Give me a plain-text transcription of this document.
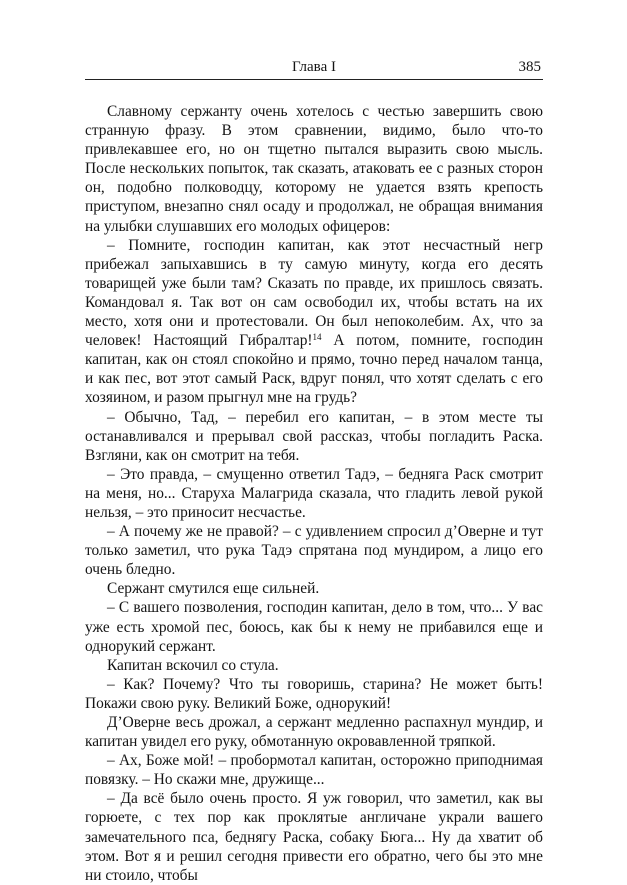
Глава I	385

Славному сержанту очень хотелось с честью завершить свою странную фразу. В этом сравнении, видимо, было что-то привлекавшее его, но он тщетно пытался выразить свою мысль. После нескольких попыток, так сказать, атаковать ее с разных сторон он, подобно полководцу, которому не удается взять крепость приступом, внезапно снял осаду и продолжал, не обращая внимания на улыбки слушавших его молодых офицеров:

– Помните, господин капитан, как этот несчастный негр прибежал запыхавшись в ту самую минуту, когда его десять товарищей уже были там? Сказать по правде, их пришлось связать. Командовал я. Так вот он сам освободил их, чтобы встать на их место, хотя они и протестовали. Он был непоколебим. Ах, что за человек! Настоящий Гибралтар!$^{14}$ А потом, помните, господин капитан, как он стоял спокойно и прямо, точно перед началом танца, и как пес, вот этот самый Раск, вдруг понял, что хотят сделать с его хозяином, и разом прыгнул мне на грудь?

– Обычно, Тад, – перебил его капитан, – в этом месте ты останавливался и прерывал свой рассказ, чтобы погладить Раска. Взгляни, как он смотрит на тебя.

– Это правда, – смущенно ответил Тадэ, – бедняга Раск смотрит на меня, но... Старуха Малагрида сказала, что гладить левой рукой нельзя, – это приносит несчастье.

– А почему же не правой? – с удивлением спросил д’Оверне и тут только заметил, что рука Тадэ спрятана под мундиром, а лицо его очень бледно.

Сержант смутился еще сильней.

– С вашего позволения, господин капитан, дело в том, что... У вас уже есть хромой пес, боюсь, как бы к нему не прибавился еще и однорукий сержант.

Капитан вскочил со стула.

– Как? Почему? Что ты говоришь, старина? Не может быть! Покажи свою руку. Великий Боже, однорукий!

Д’Оверне весь дрожал, а сержант медленно распахнул мундир, и капитан увидел его руку, обмотанную окровавленной тряпкой.

– Ах, Боже мой! – пробормотал капитан, осторожно приподнимая повязку. – Но скажи мне, дружище...

– Да всё было очень просто. Я уж говорил, что заметил, как вы горюете, с тех пор как проклятые англичане украли вашего замечательного пса, беднягу Раска, собаку Бюга... Ну да хватит об этом. Вот я и решил сегодня привести его обратно, чего бы это мне ни стоило, чтобы
